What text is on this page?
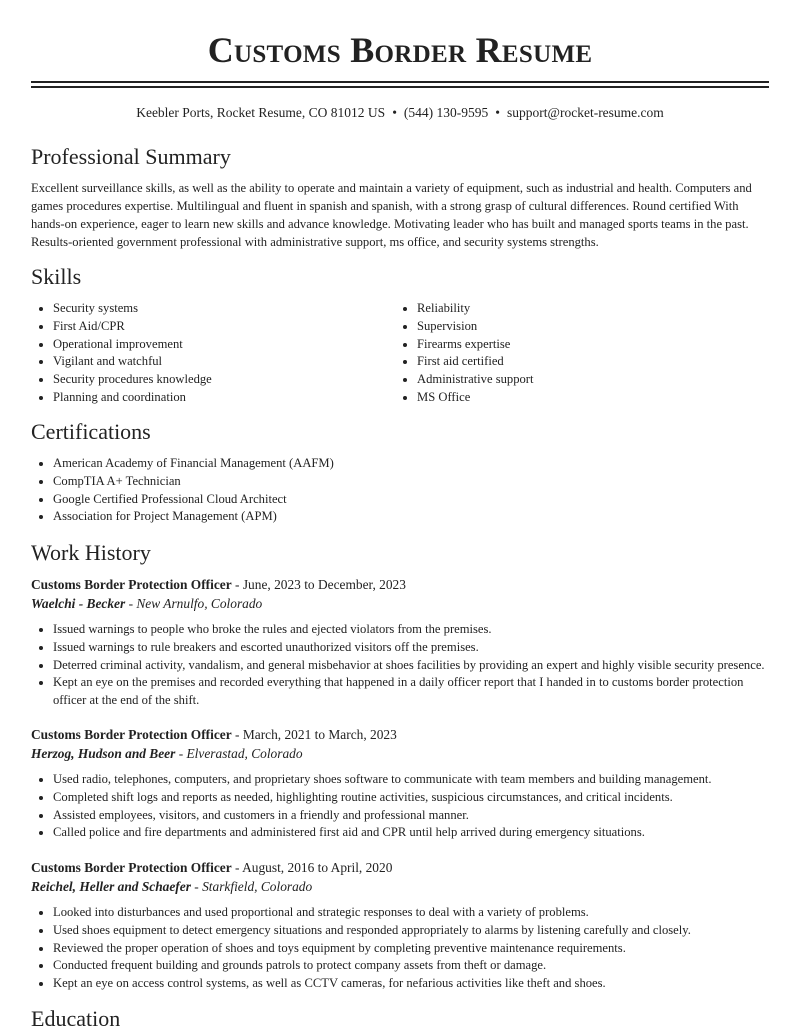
Customs Border Resume
Keebler Ports, Rocket Resume, CO 81012 US • (544) 130-9595 • support@rocket-resume.com
Professional Summary

Excellent surveillance skills, as well as the ability to operate and maintain a variety of equipment, such as industrial and health. Computers and games procedures expertise. Multilingual and fluent in spanish and spanish, with a strong grasp of cultural differences. Round certified With hands-on experience, eager to learn new skills and advance knowledge. Motivating leader who has built and managed sports teams in the past. Results-oriented government professional with administrative support, ms office, and security systems strengths.

Skills
• Security systems
• First Aid/CPR
• Operational improvement
• Vigilant and watchful
• Security procedures knowledge
• Planning and coordination
• Reliability
• Supervision
• Firearms expertise
• First aid certified
• Administrative support
• MS Office
Certifications
• American Academy of Financial Management (AAFM)
• CompTIA A+ Technician
• Google Certified Professional Cloud Architect
• Association for Project Management (APM)
Work History
Customs Border Protection Officer - June, 2023 to December, 2023
Waelchi - Becker - New Arnulfo, Colorado
• Issued warnings to people who broke the rules and ejected violators from the premises.
• Issued warnings to rule breakers and escorted unauthorized visitors off the premises.
• Deterred criminal activity, vandalism, and general misbehavior at shoes facilities by providing an expert and highly visible security presence.
• Kept an eye on the premises and recorded everything that happened in a daily officer report that I handed in to customs border protection officer at the end of the shift.
Customs Border Protection Officer - March, 2021 to March, 2023
Herzog, Hudson and Beer - Elverastad, Colorado
• Used radio, telephones, computers, and proprietary shoes software to communicate with team members and building management.
• Completed shift logs and reports as needed, highlighting routine activities, suspicious circumstances, and critical incidents.
• Assisted employees, visitors, and customers in a friendly and professional manner.
• Called police and fire departments and administered first aid and CPR until help arrived during emergency situations.
Customs Border Protection Officer - August, 2016 to April, 2020
Reichel, Heller and Schaefer - Starkfield, Colorado
• Looked into disturbances and used proportional and strategic responses to deal with a variety of problems.
• Used shoes equipment to detect emergency situations and responded appropriately to alarms by listening carefully and closely.
• Reviewed the proper operation of shoes and toys equipment by completing preventive maintenance requirements.
• Conducted frequent building and grounds patrols to protect company assets from theft or damage.
• Kept an eye on access control systems, as well as CCTV cameras, for nefarious activities like theft and shoes.
Education
